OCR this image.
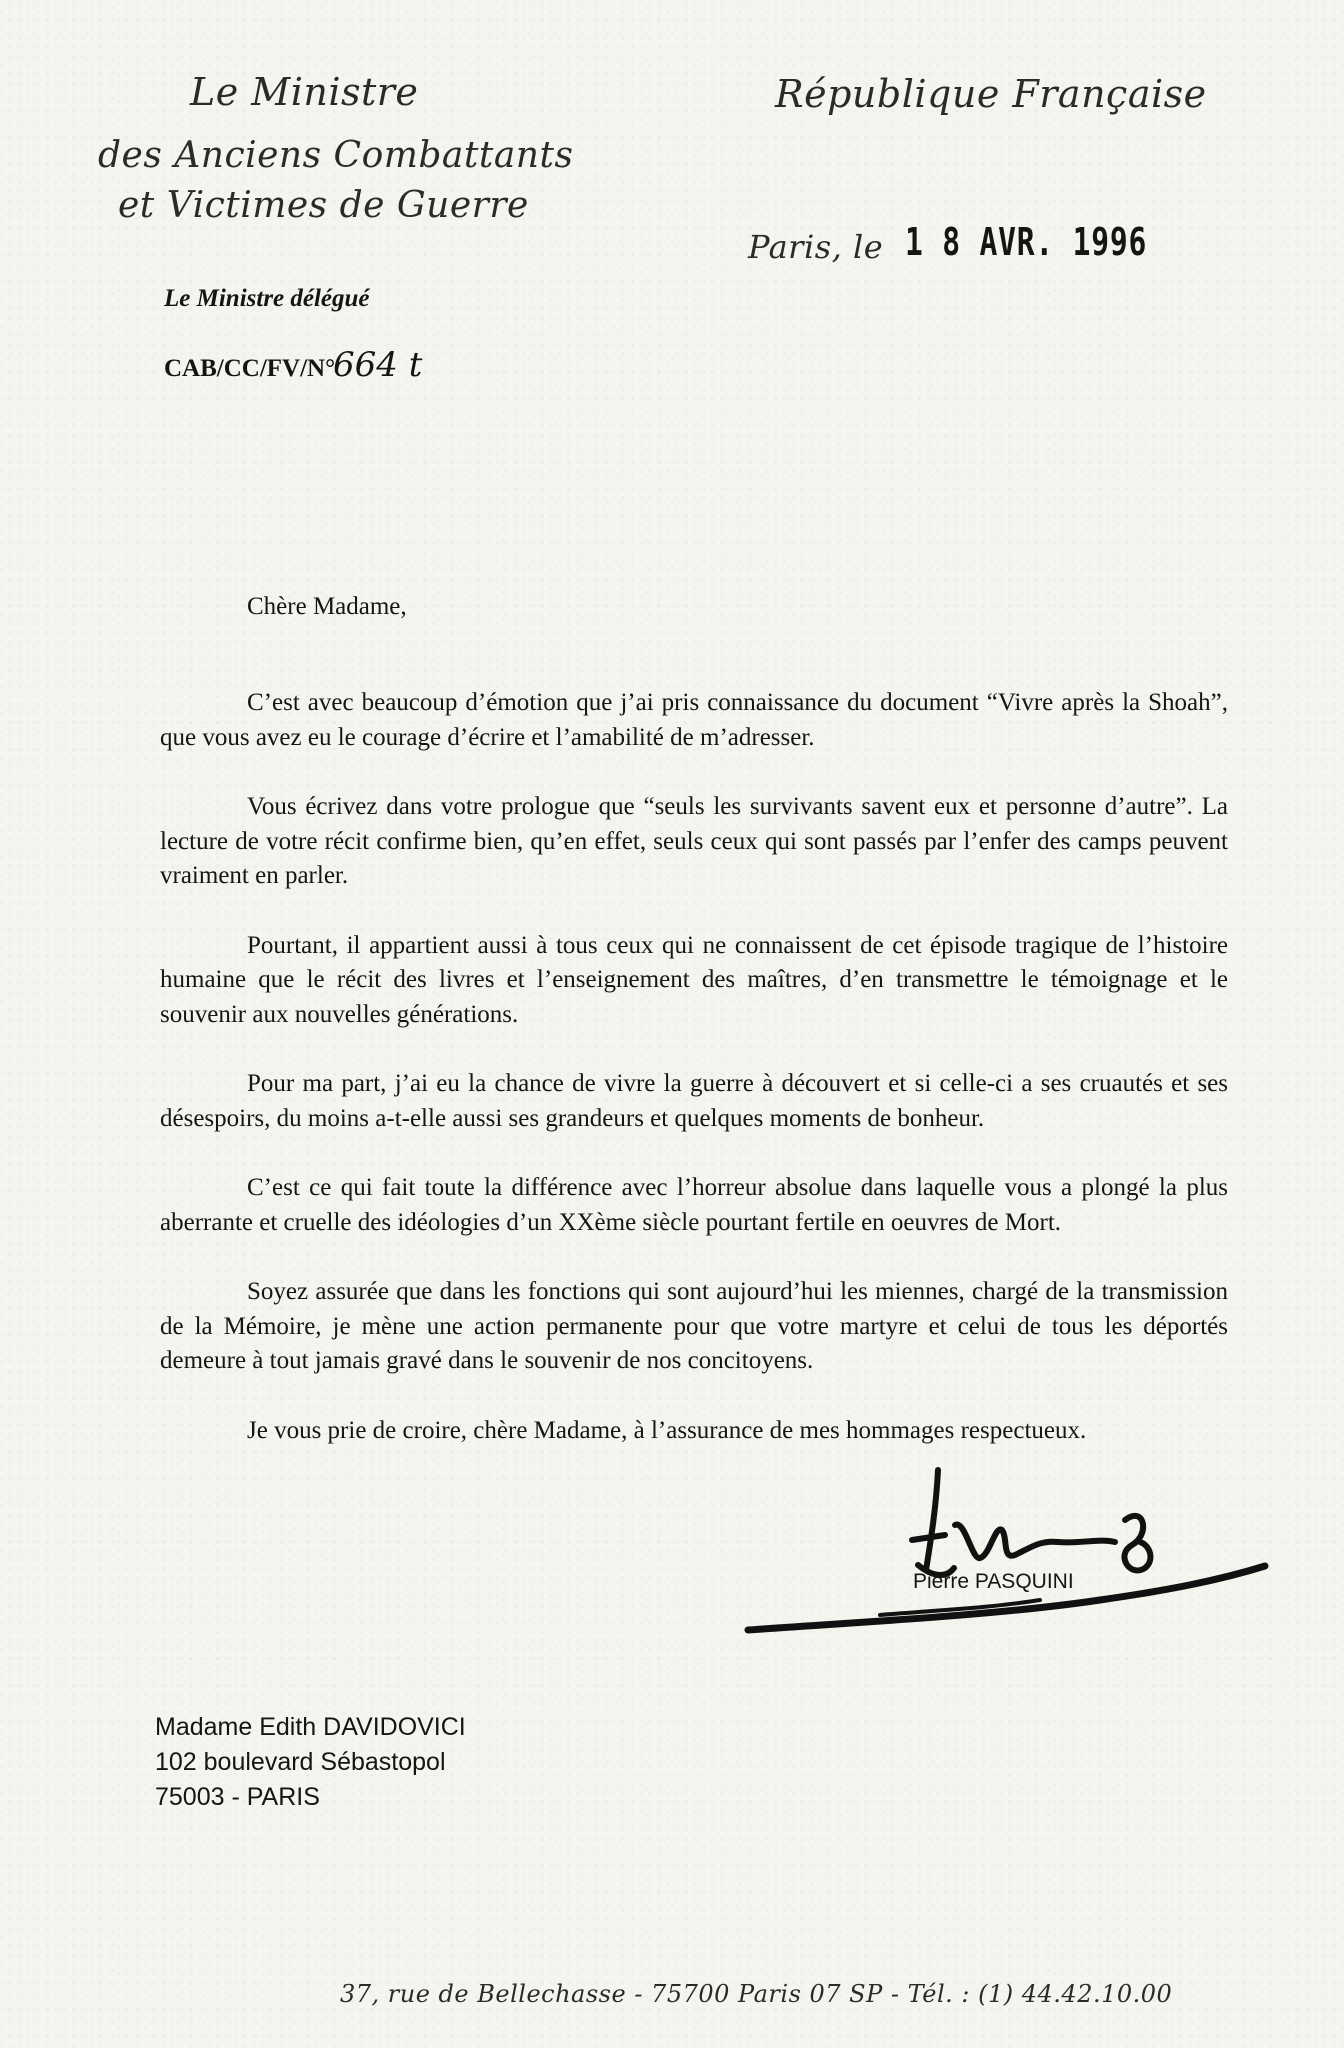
Le Ministre
des Anciens Combattants
et Victimes de Guerre
République Française
Paris, le 1 8 AVR. 1996
Le Ministre délégué
CAB/CC/FV/N°
664 t
Chère Madame,

C’est avec beaucoup d’émotion que j’ai pris connaissance du document “Vivre après la Shoah”, que vous avez eu le courage d’écrire et l’amabilité de m’adresser.

Vous écrivez dans votre prologue que “seuls les survivants savent eux et personne d’autre”. La lecture de votre récit confirme bien, qu’en effet, seuls ceux qui sont passés par l’enfer des camps peuvent vraiment en parler.

Pourtant, il appartient aussi à tous ceux qui ne connaissent de cet épisode tragique de l’histoire humaine que le récit des livres et l’enseignement des maîtres, d’en transmettre le témoignage et le souvenir aux nouvelles générations.

Pour ma part, j’ai eu la chance de vivre la guerre à découvert et si celle-ci a ses cruautés et ses désespoirs, du moins a-t-elle aussi ses grandeurs et quelques moments de bonheur.

C’est ce qui fait toute la différence avec l’horreur absolue dans laquelle vous a plongé la plus aberrante et cruelle des idéologies d’un XXème siècle pourtant fertile en oeuvres de Mort.

Soyez assurée que dans les fonctions qui sont aujourd’hui les miennes, chargé de la transmission de la Mémoire, je mène une action permanente pour que votre martyre et celui de tous les déportés demeure à tout jamais gravé dans le souvenir de nos concitoyens.

Je vous prie de croire, chère Madame, à l’assurance de mes hommages respectueux.

Pierre PASQUINI
Madame Edith DAVIDOVICI
102 boulevard Sébastopol
75003 - PARIS
37, rue de Bellechasse - 75700 Paris 07 SP - Tél. : (1) 44.42.10.00
